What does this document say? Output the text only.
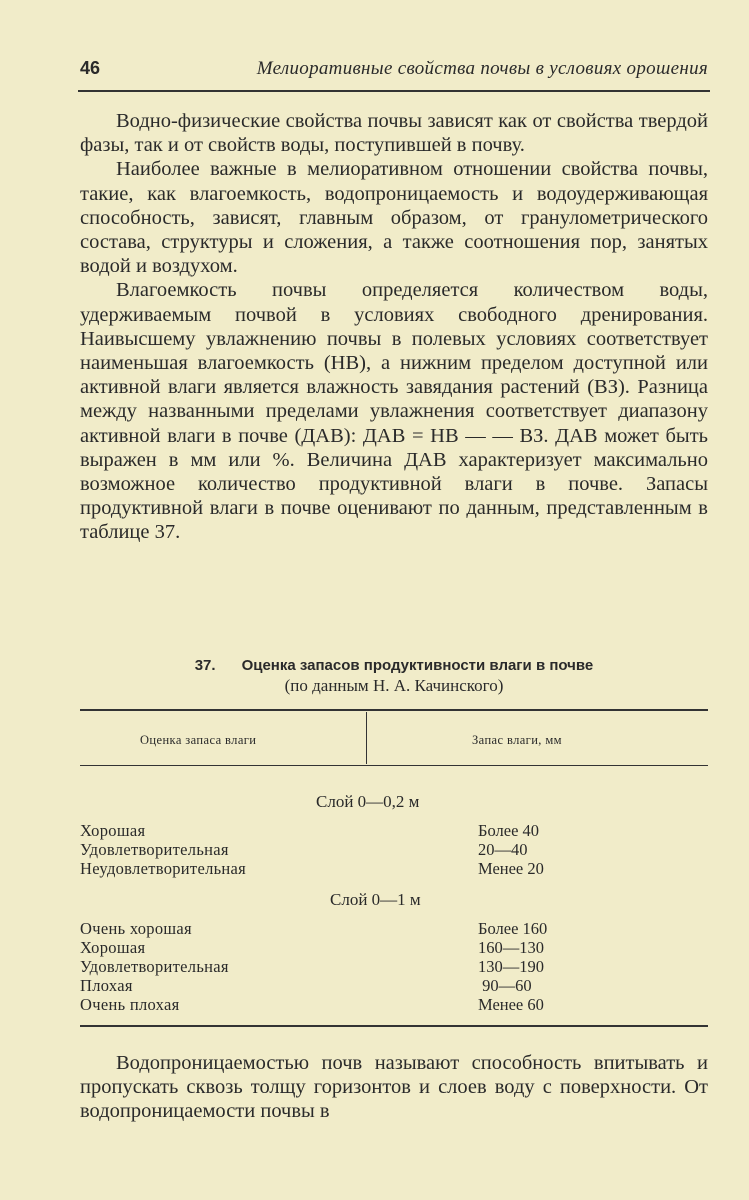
46	Мелиоративные свойства почвы в условиях орошения

Водно-физические свойства почвы зависят как от свойства твердой фазы, так и от свойств воды, поступившей в почву.

Наиболее важные в мелиоративном отношении свойства почвы, такие, как влагоемкость, водопроницаемость и водоудерживающая способность, зависят, главным образом, от гранулометрического состава, структуры и сложения, а также соотношения пор, занятых водой и воздухом.

Влагоемкость почвы определяется количеством воды, удерживаемым почвой в условиях свободного дренирования. Наивысшему увлажнению почвы в полевых условиях соответствует наименьшая влагоемкость (НВ), а нижним пределом доступной или активной влаги является влажность завядания растений (ВЗ). Разница между названными пределами увлажнения соответствует диапазону активной влаги в почве (ДАВ): ДАВ = НВ — — ВЗ. ДАВ может быть выражен в мм или %. Величина ДАВ характеризует максимально возможное количество продуктивной влаги в почве. Запасы продуктивной влаги в почве оценивают по данным, представленным в таблице 37.

37. Оценка запасов продуктивности влаги в почве
(по данным Н. А. Качинского)
Оценка запаса влаги	Запас влаги, мм
Слой 0—0,2 м
Хорошая	Более 40
Удовлетворительная	20—40
Неудовлетворительная	Менее 20
Слой 0—1 м
Очень хорошая	Более 160
Хорошая	160—130
Удовлетворительная	130—190
Плохая	90—60
Очень плохая	Менее 60

Водопроницаемостью почв называют способность впитывать и пропускать сквозь толщу горизонтов и слоев воду с поверхности. От водопроницаемости почвы в
